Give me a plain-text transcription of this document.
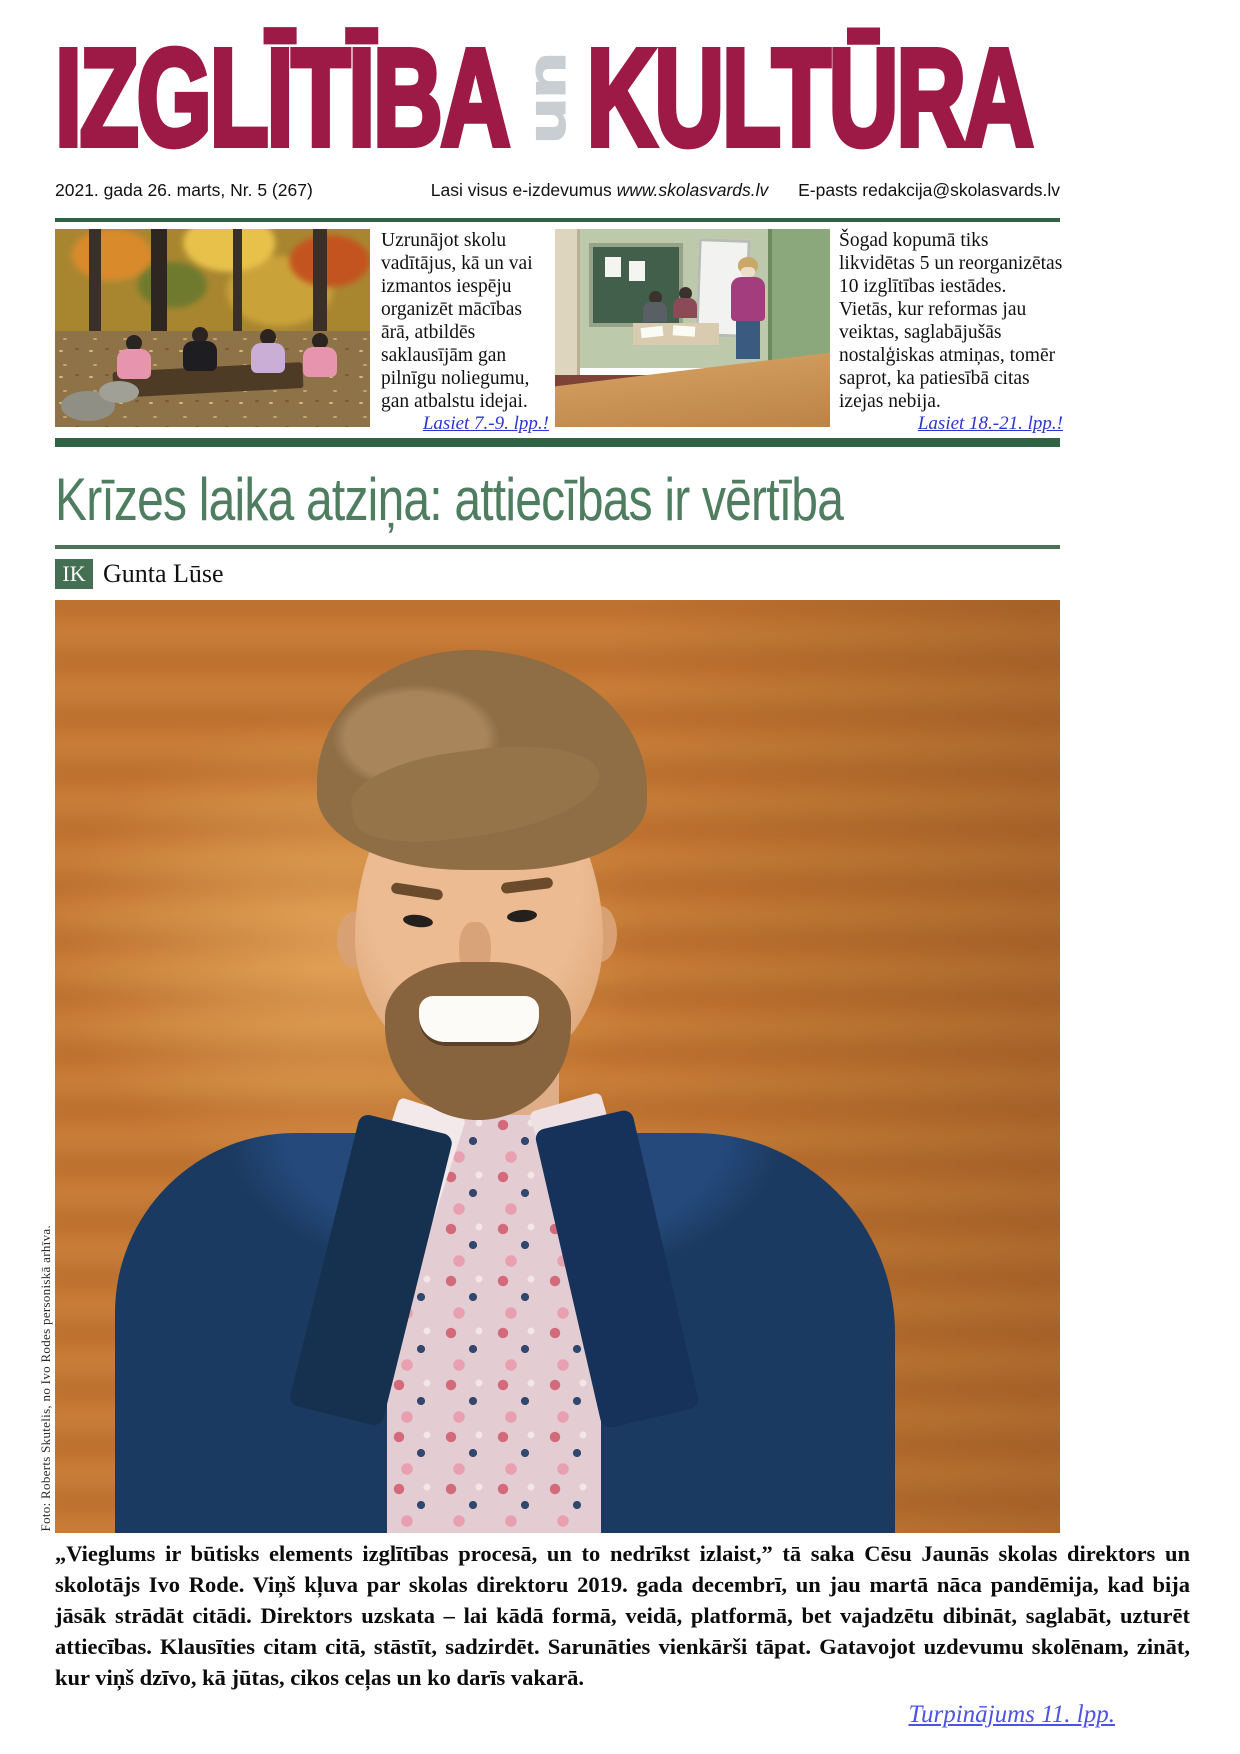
IZGLĪTĪBA un KULTŪRA
2021. gada 26. marts, Nr. 5 (267)	Lasi visus e-izdevumus www.skolasvards.lv E-pasts redakcija@skolasvards.lv
Uzrunājot skolu vadītājus, kā un vai izmantos iespēju organizēt mācības ārā, atbildēs saklausījām gan pilnīgu noliegumu, gan atbalstu idejai.
Lasiet 7.-9. lpp.!
Šogad kopumā tiks likvidētas 5 un reorganizētas 10 izglītības iestādes. Vietās, kur reformas jau veiktas, saglabājušās nostalģiskas atmiņas, tomēr saprot, ka patiesībā citas izejas nebija.
Lasiet 18.-21. lpp.!
Krīzes laika atziņa: attiecības ir vērtība
IK Gunta Lūse
Foto: Roberts Skutelis, no Ivo Rodes personiskā arhīva.
„Vieglums ir būtisks elements izglītības procesā, un to nedrīkst izlaist,” tā saka Cēsu Jaunās skolas direktors un skolotājs Ivo Rode. Viņš kļuva par skolas direktoru 2019. gada decembrī, un jau martā nāca pandēmija, kad bija jāsāk strādāt citādi. Direktors uzskata – lai kādā formā, veidā, platformā, bet vajadzētu dibināt, saglabāt, uzturēt attiecības. Klausīties citam citā, stāstīt, sadzirdēt. Sarunāties vienkārši tāpat. Gatavojot uzdevumu skolēnam, zināt, kur viņš dzīvo, kā jūtas, cikos ceļas un ko darīs vakarā.
Turpinājums 11. lpp.
